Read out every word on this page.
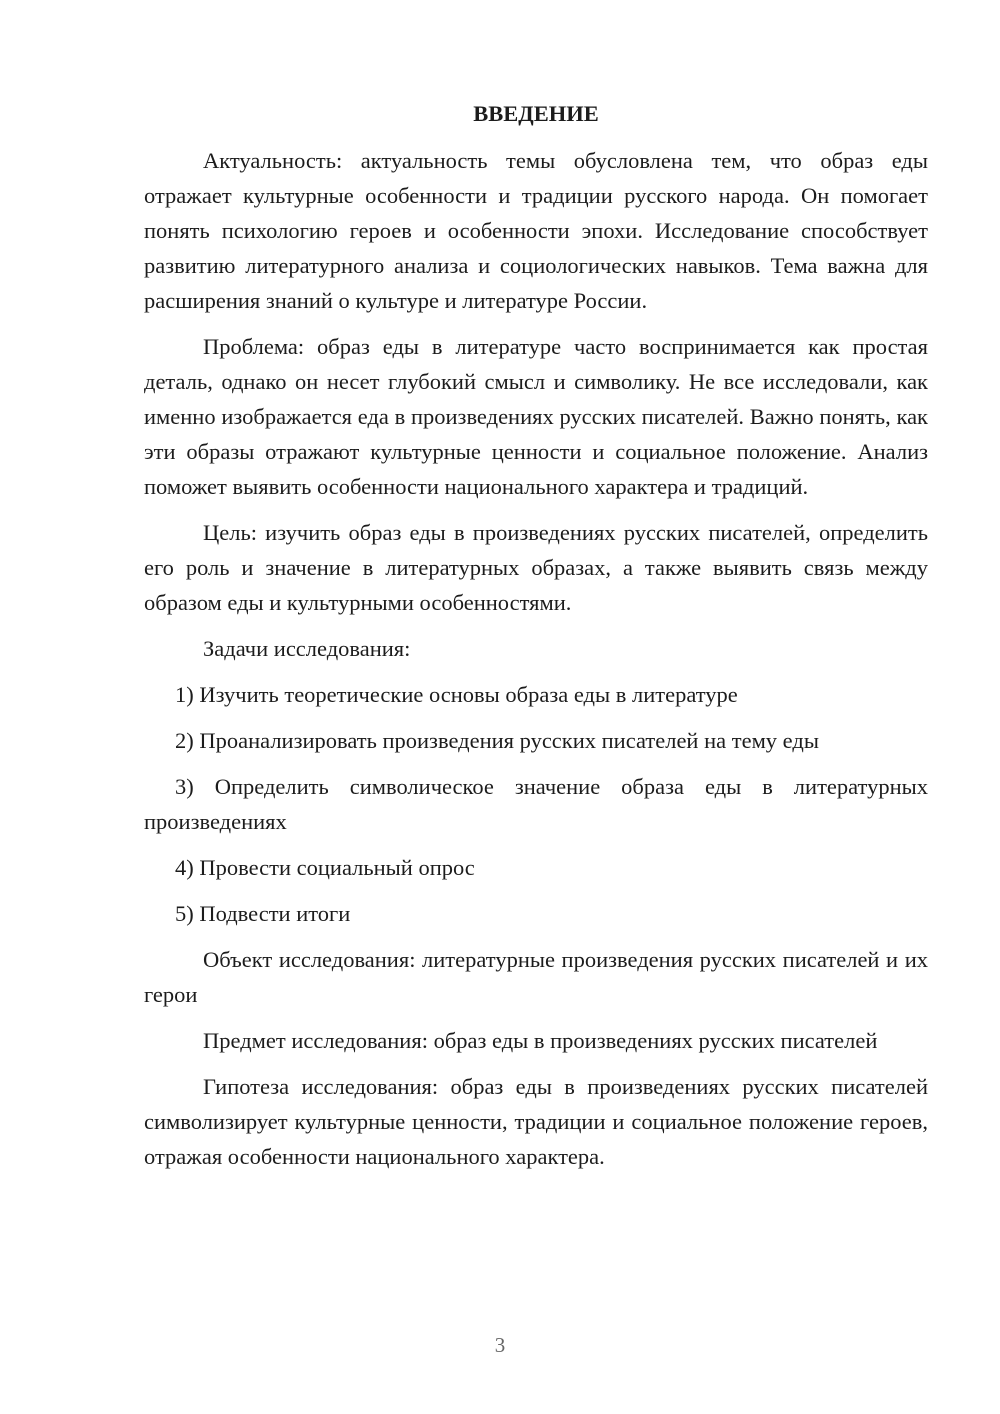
ВВЕДЕНИЕ

Актуальность: актуальность темы обусловлена тем, что образ еды отражает культурные особенности и традиции русского народа. Он помогает понять психологию героев и особенности эпохи. Исследование способствует развитию литературного анализа и социологических навыков. Тема важна для расширения знаний о культуре и литературе России.

Проблема: образ еды в литературе часто воспринимается как простая деталь, однако он несет глубокий смысл и символику. Не все исследовали, как именно изображается еда в произведениях русских писателей. Важно понять, как эти образы отражают культурные ценности и социальное положение. Анализ поможет выявить особенности национального характера и традиций.

Цель: изучить образ еды в произведениях русских писателей, определить его роль и значение в литературных образах, а также выявить связь между образом еды и культурными особенностями.

Задачи исследования:

1) Изучить теоретические основы образа еды в литературе

2) Проанализировать произведения русских писателей на тему еды

3) Определить символическое значение образа еды в литературных произведениях

4) Провести социальный опрос

5) Подвести итоги

Объект исследования: литературные произведения русских писателей и их герои

Предмет исследования: образ еды в произведениях русских писателей

Гипотеза исследования: образ еды в произведениях русских писателей символизирует культурные ценности, традиции и социальное положение героев, отражая особенности национального характера.

3
